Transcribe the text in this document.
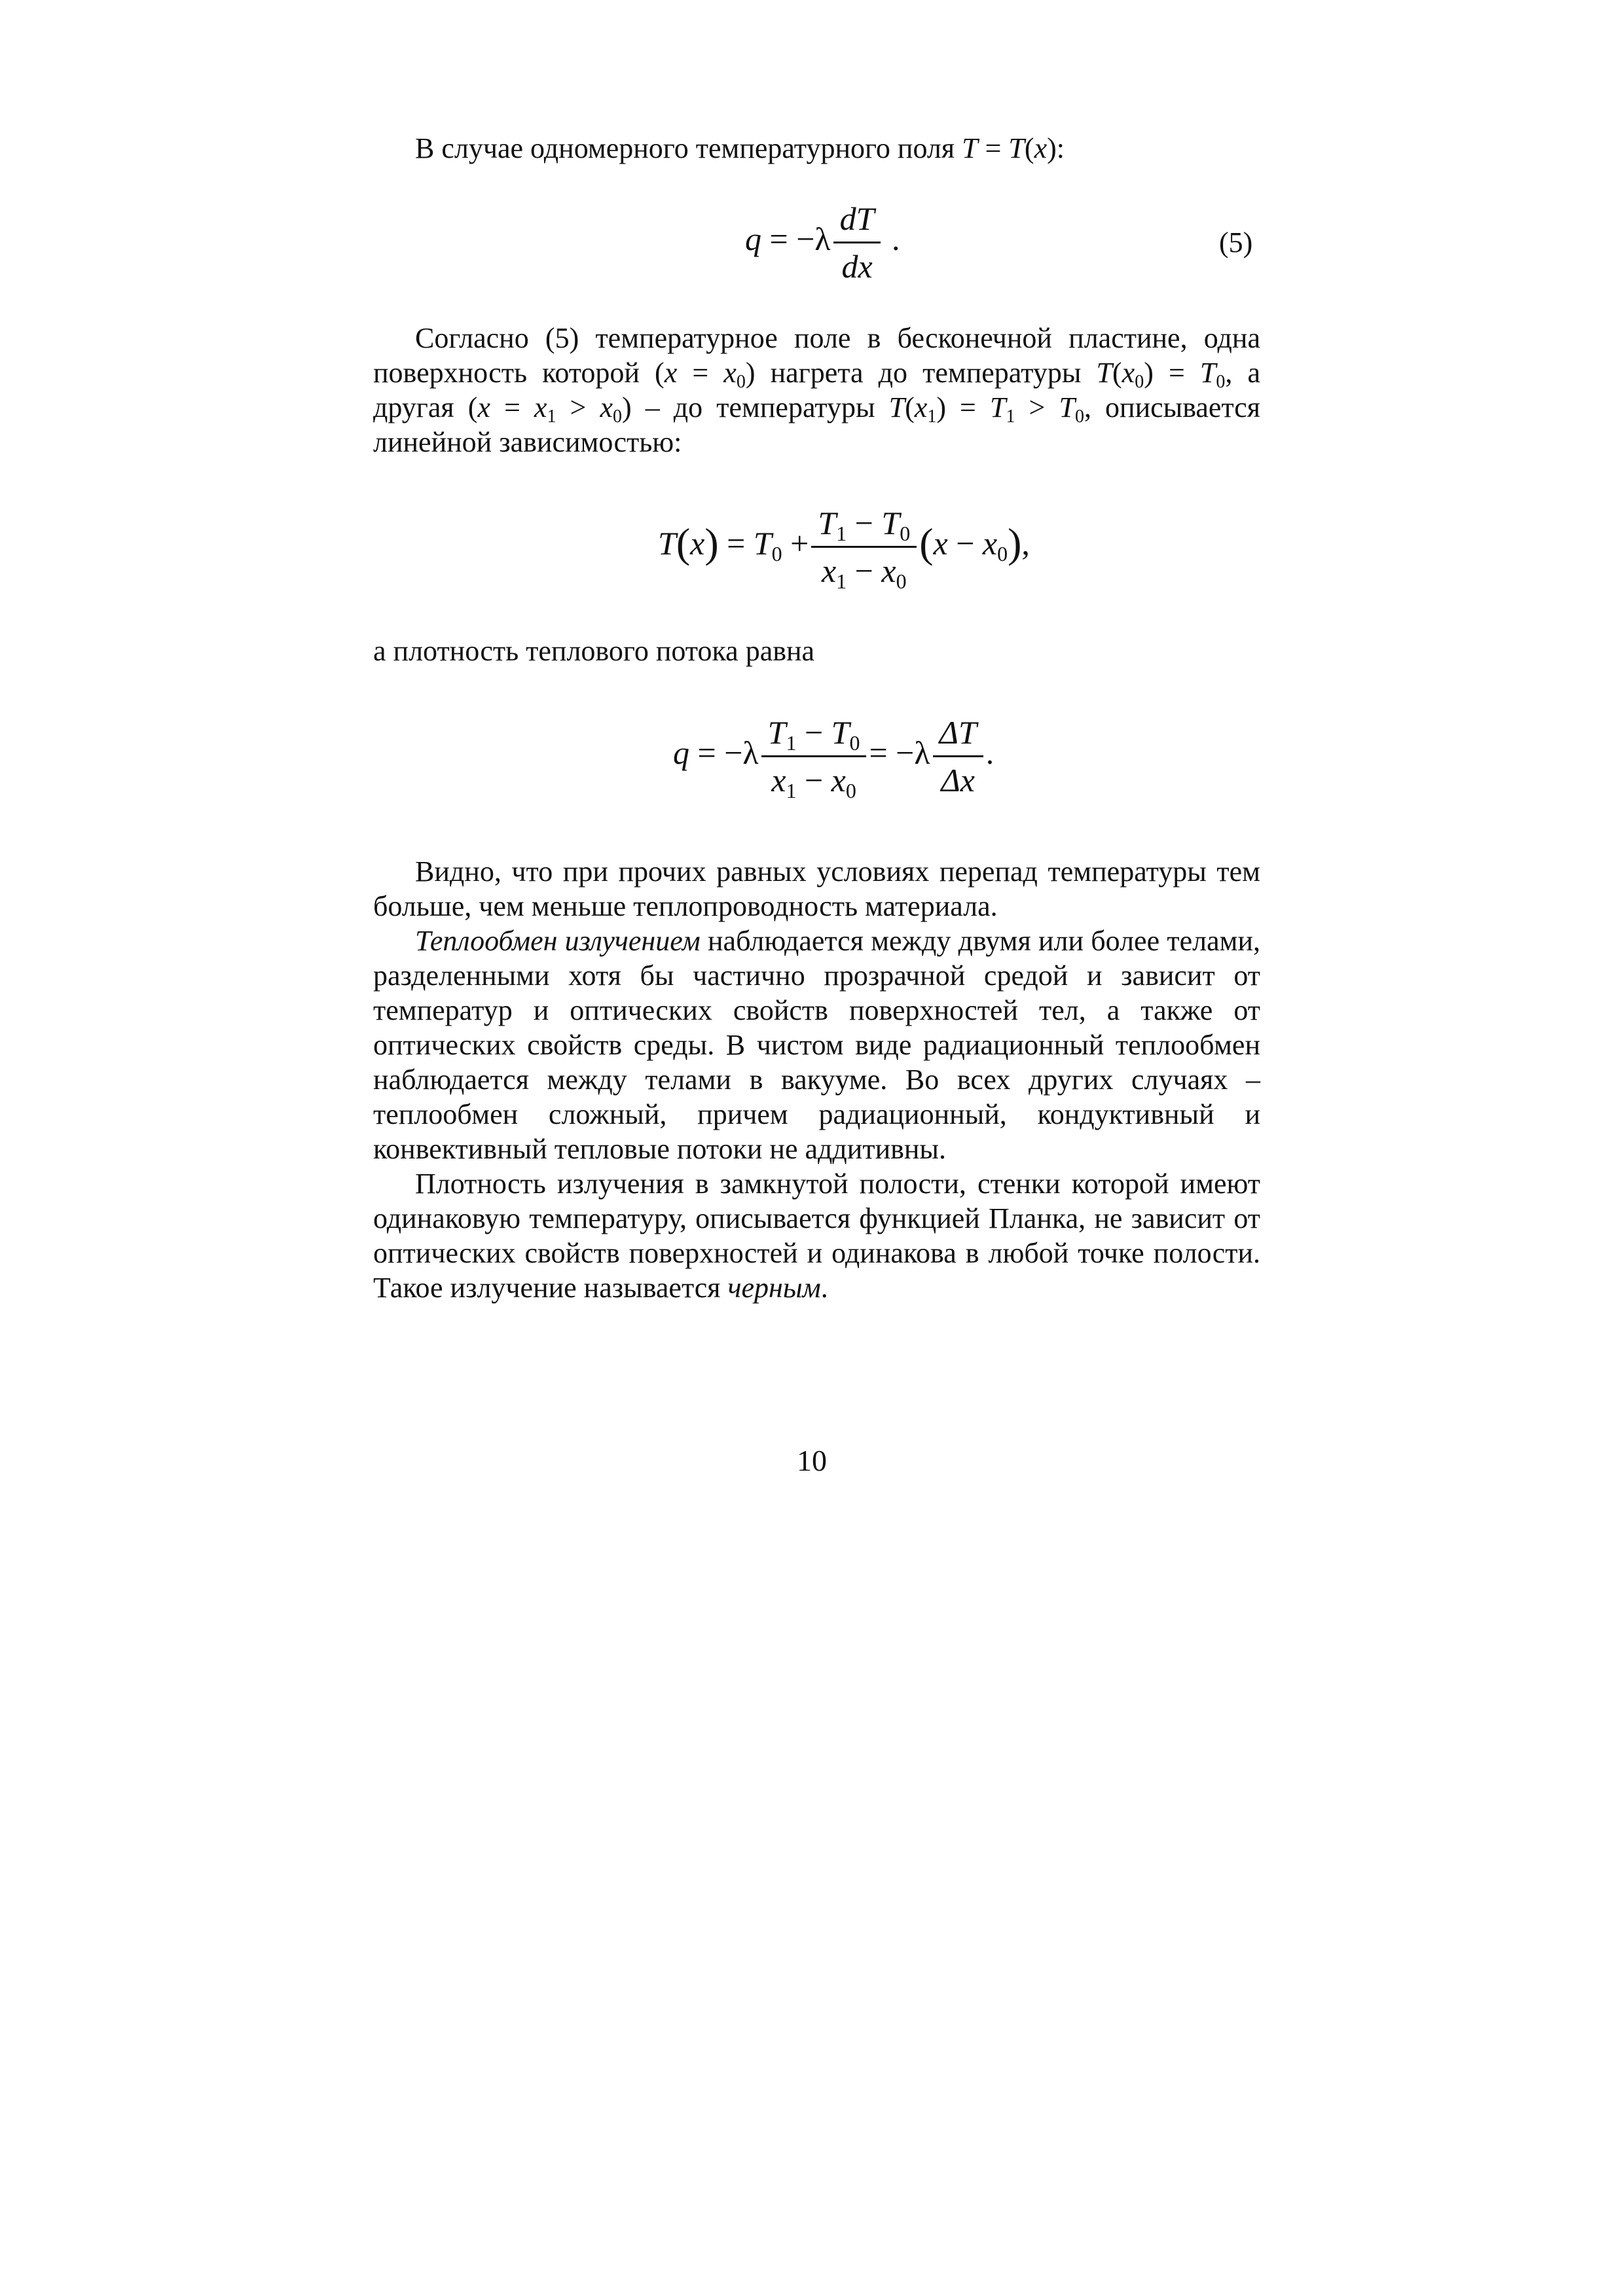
В случае одномерного температурного поля T = T(x):

$q = -\lambda \frac{dT}{dx}$ .	(5)

Согласно (5) температурное поле в бесконечной пластине, одна поверхность которой $(x = x_0)$ нагрета до температуры $T(x_0) = T_0$, а другая $(x = x_1 > x_0)$ – до температуры $T(x_1) = T_1 > T_0$, описывается линейной зависимостью:

$T(x) = T_0 + \frac{T_1 - T_0}{x_1 - x_0} (x - x_0)$,

а плотность теплового потока равна

$q = -\lambda \frac{T_1 - T_0}{x_1 - x_0} = -\lambda \frac{\Delta T}{\Delta x}$ .

Видно, что при прочих равных условиях перепад температуры тем больше, чем меньше теплопроводность материала.

Теплообмен излучением наблюдается между двумя или более телами, разделенными хотя бы частично прозрачной средой и зависит от температур и оптических свойств поверхностей тел, а также от оптических свойств среды. В чистом виде радиационный теплообмен наблюдается между телами в вакууме. Во всех других случаях – теплообмен сложный, причем радиационный, кондуктивный и конвективный тепловые потоки не аддитивны.

Плотность излучения в замкнутой полости, стенки которой имеют одинаковую температуру, описывается функцией Планка, не зависит от оптических свойств поверхностей и одинакова в любой точке полости. Такое излучение называется черным.

10
